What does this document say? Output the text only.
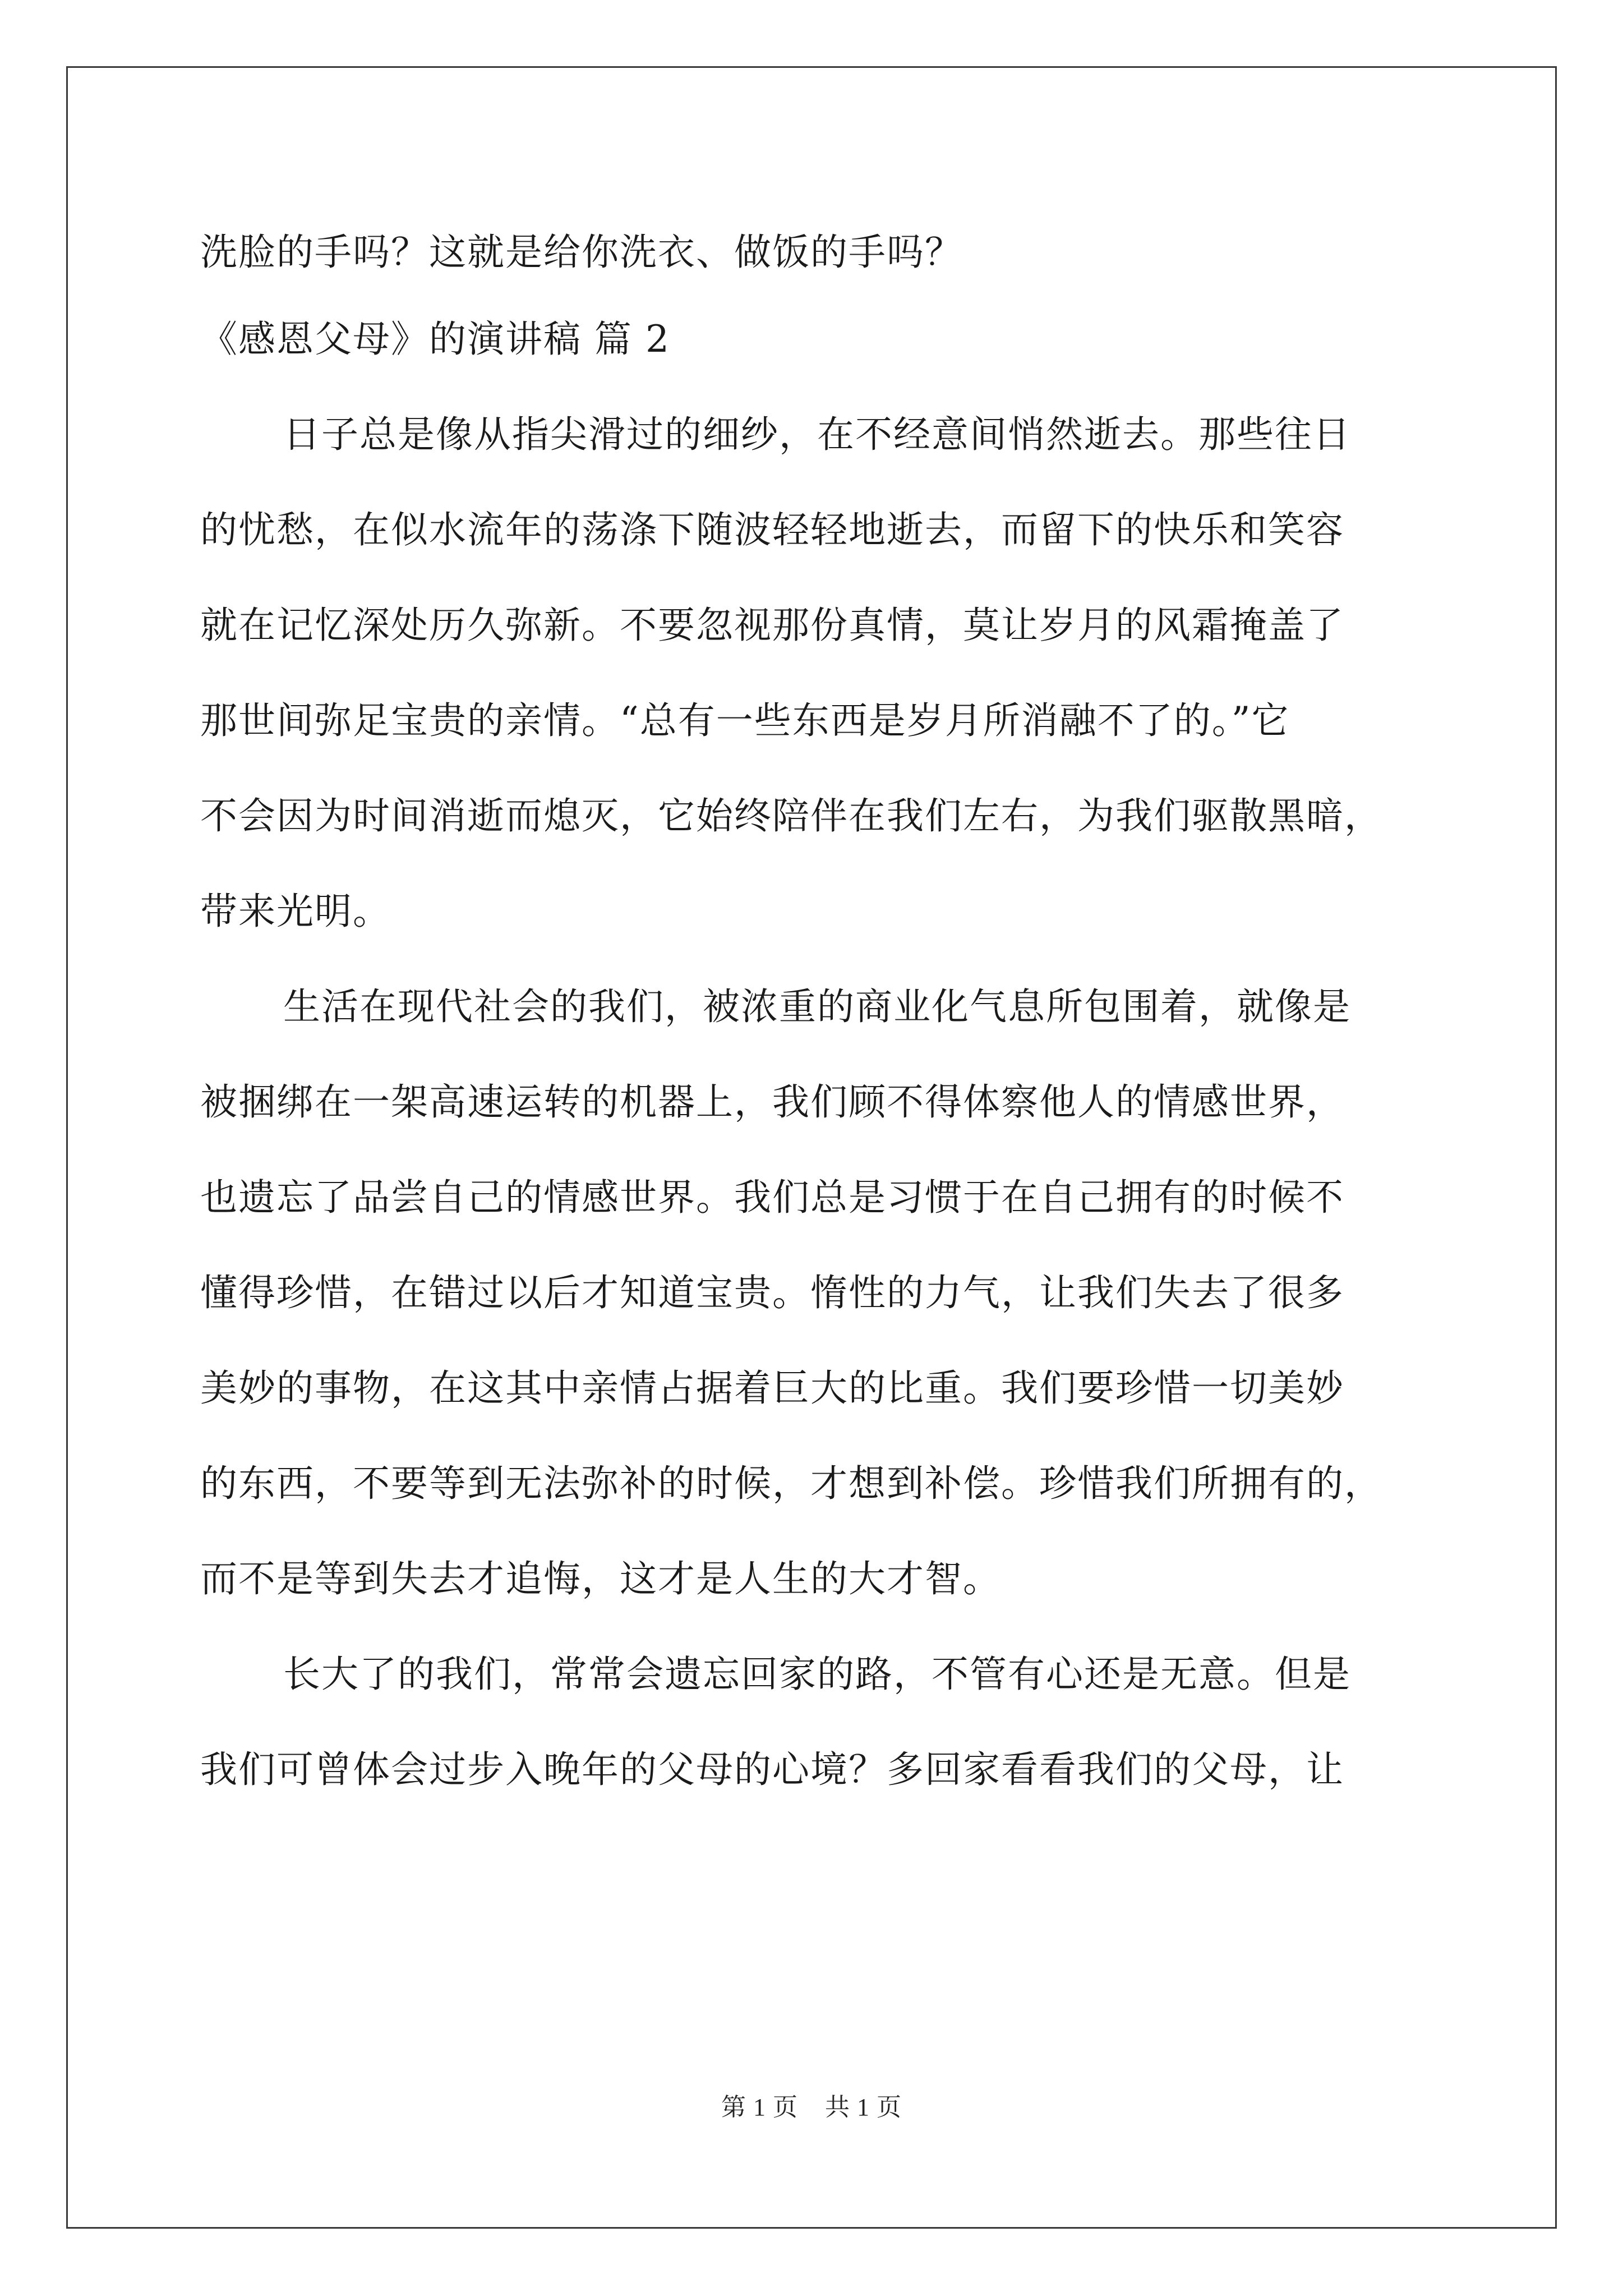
洗脸的手吗？这就是给你洗衣、做饭的手吗？
《感恩父母》的演讲稿 篇 2
日子总是像从指尖滑过的细纱，在不经意间悄然逝去。那些往日
的忧愁，在似水流年的荡涤下随波轻轻地逝去，而留下的快乐和笑容
就在记忆深处历久弥新。不要忽视那份真情，莫让岁月的风霜掩盖了
那世间弥足宝贵的亲情。“总有一些东西是岁月所消融不了的。”它
不会因为时间消逝而熄灭，它始终陪伴在我们左右，为我们驱散黑暗，
带来光明。
生活在现代社会的我们，被浓重的商业化气息所包围着，就像是
被捆绑在一架高速运转的机器上，我们顾不得体察他人的情感世界，
也遗忘了品尝自己的情感世界。我们总是习惯于在自己拥有的时候不
懂得珍惜，在错过以后才知道宝贵。惰性的力气，让我们失去了很多
美妙的事物，在这其中亲情占据着巨大的比重。我们要珍惜一切美妙
的东西，不要等到无法弥补的时候，才想到补偿。珍惜我们所拥有的，
而不是等到失去才追悔，这才是人生的大才智。
长大了的我们，常常会遗忘回家的路，不管有心还是无意。但是
我们可曾体会过步入晚年的父母的心境？多回家看看我们的父母，让
第 1 页 共 1 页
